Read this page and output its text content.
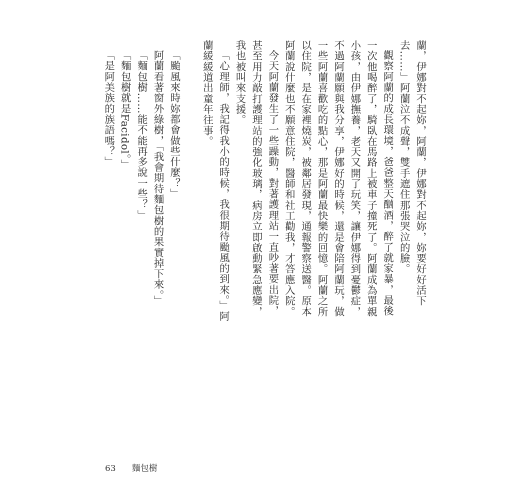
蘭，伊娜對不起妳，阿蘭，伊娜對不起妳，妳要好好活下去……」阿蘭泣不成聲，雙手遮住那張哭泣的臉。

觀察阿蘭的成長環境，爸爸整天酗酒，醉了就家暴，最後一次他喝醉了，騎臥在馬路上被車子撞死了。阿蘭成為單親小孩，由伊娜撫養，老天又開了玩笑，讓伊娜得到憂鬱症，不過阿蘭願與我分享，伊娜好的時候，還是會陪阿蘭玩，做一些阿蘭喜歡吃的點心，那是阿蘭最快樂的回憶。阿蘭之所以住院，是在家裡燒炭，被鄰居發現，通報警察送醫。原本阿蘭說什麼也不願意住院，醫師和社工勸我，才答應入院。

今天阿蘭發生了一些躁動，對著護理站一直吵著要出院，甚至用力敲打護理站的強化玻璃，病房立即啟動緊急應變，我也被叫來支援。

「心理師，我記得我小的時候，我很期待颱風的到來。」阿蘭緩緩道出童年往事。

「颱風來時妳都會做些什麼？」

阿蘭看著窗外綠樹，「我會期待麵包樹的果實掉下來。」

「麵包樹……能不能再多說一些？」

「麵包樹就是Facidol。」

「是阿美族的族語嗎？」

63 麵包樹
